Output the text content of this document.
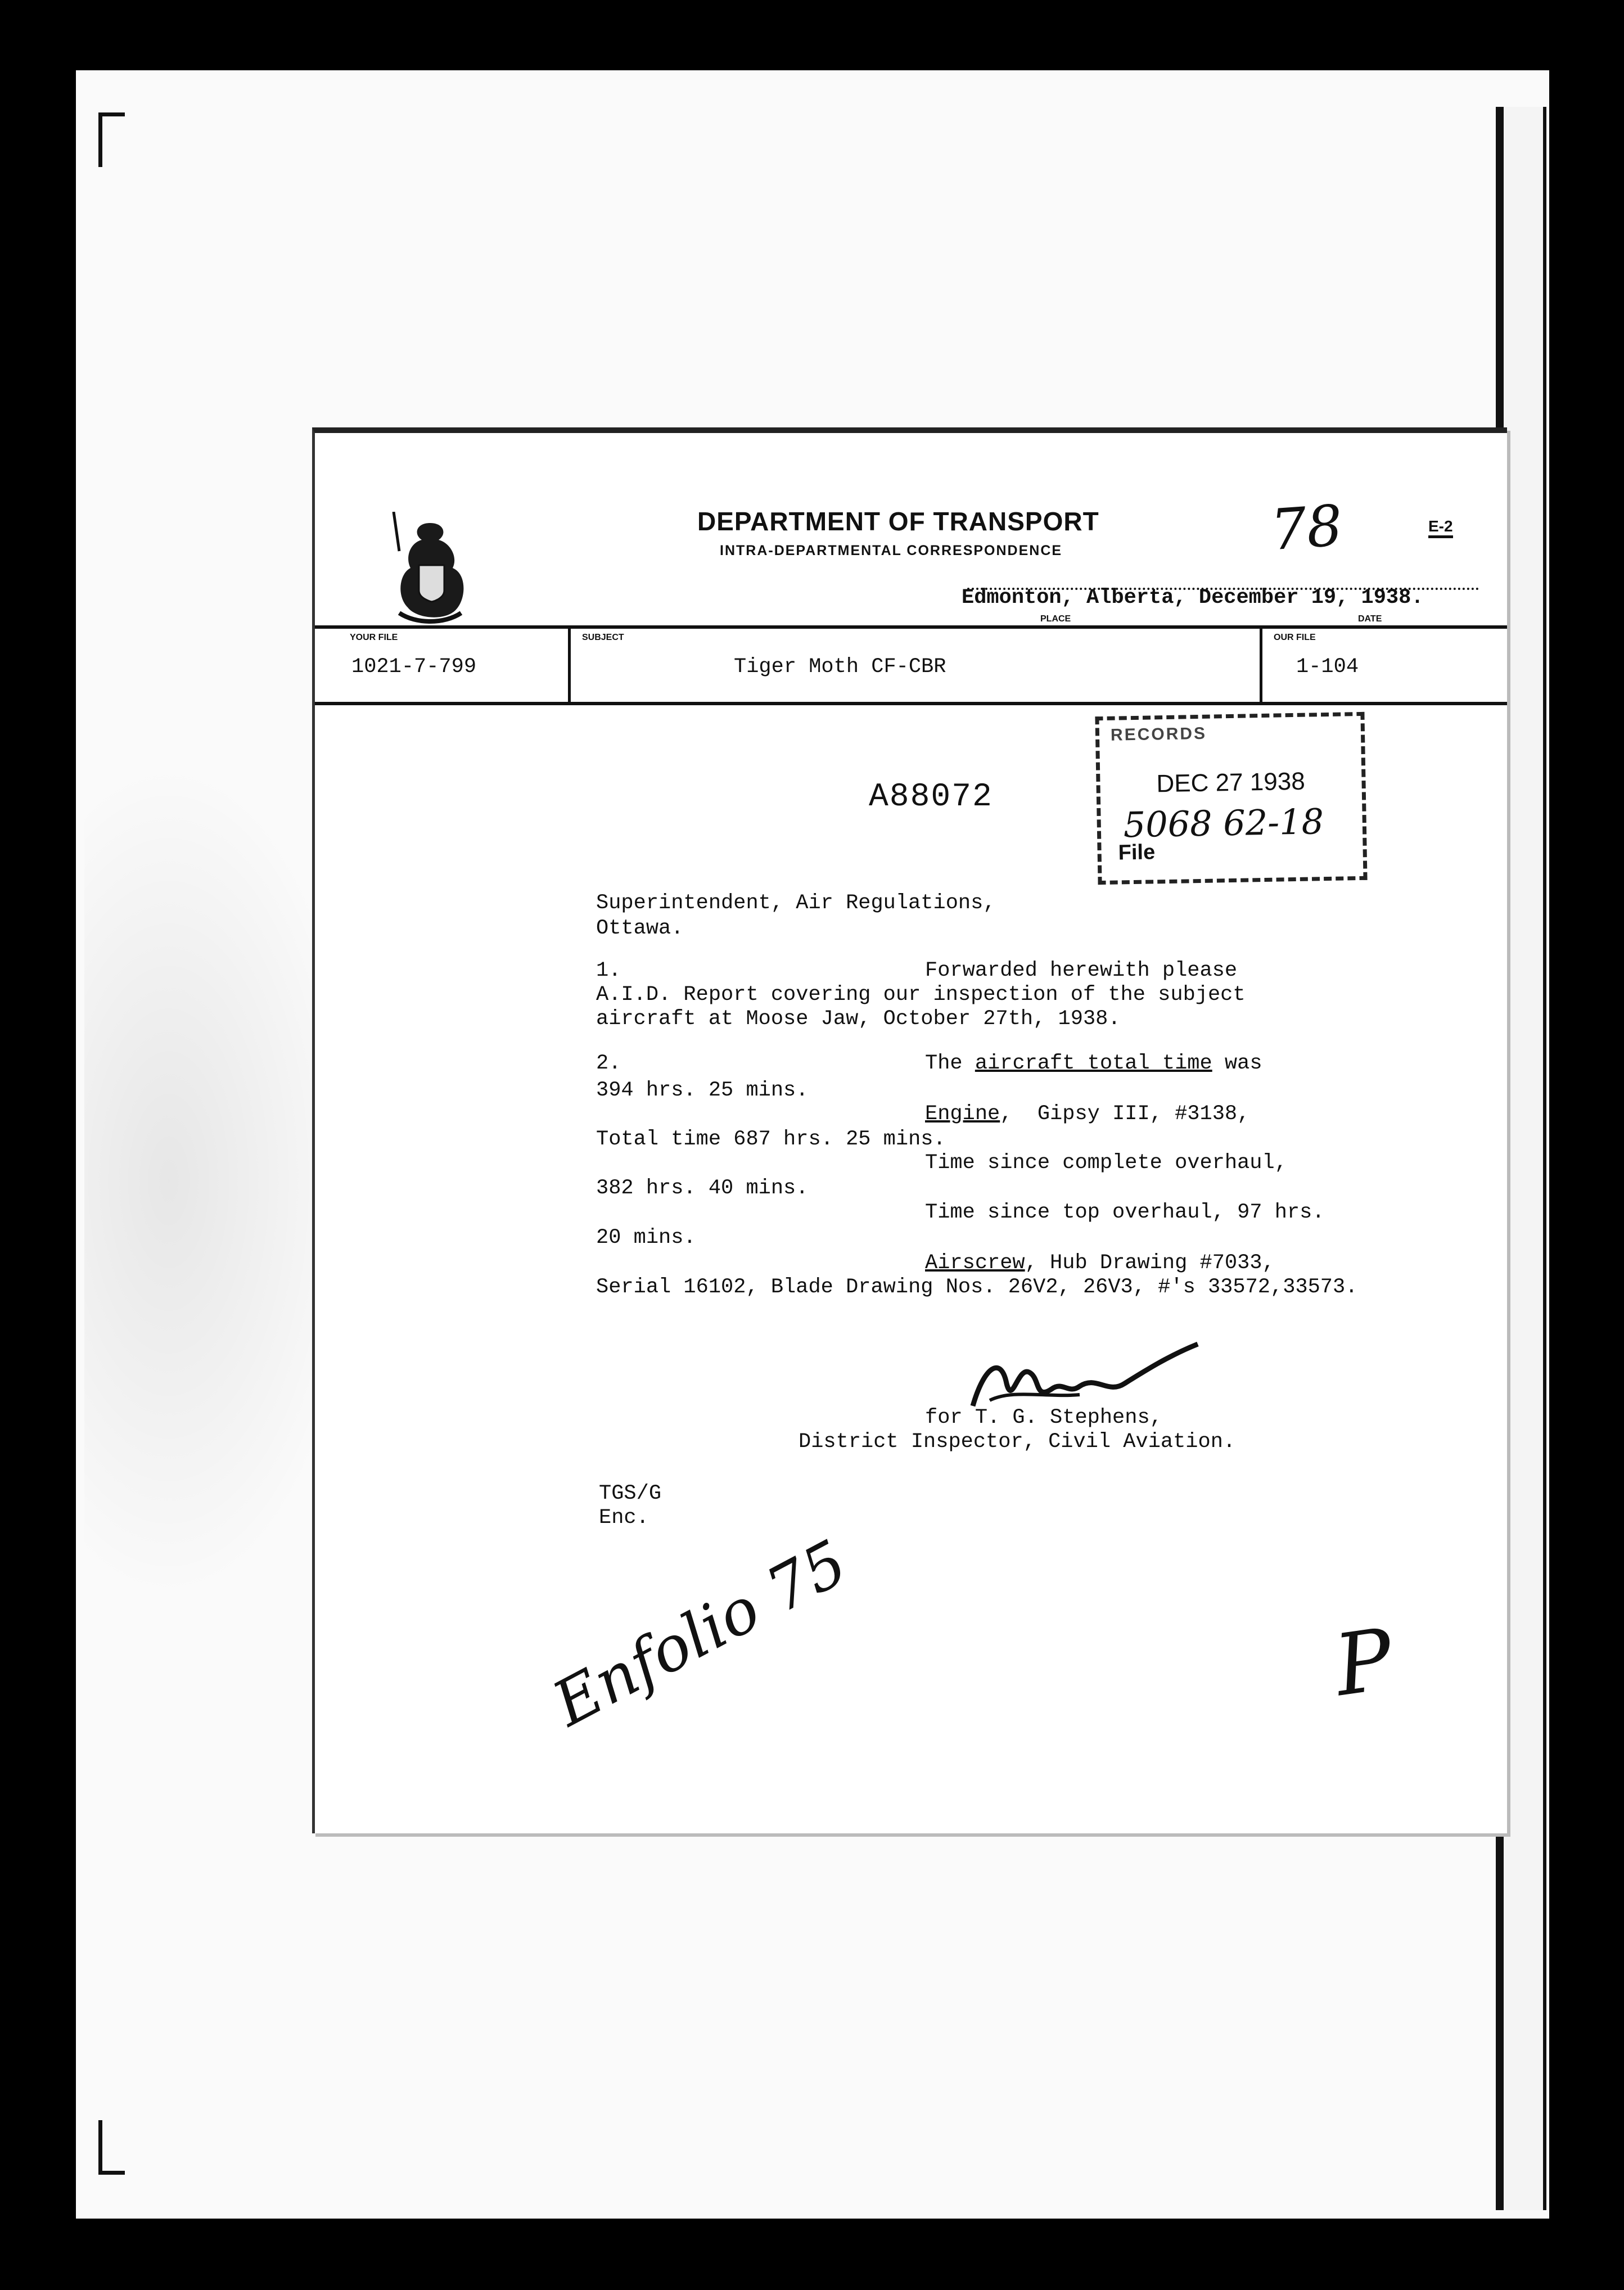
DEPARTMENT OF TRANSPORT
INTRA-DEPARTMENTAL CORRESPONDENCE	78	E-2
Edmonton, Alberta, December 19, 1938.
PLACE	DATE
YOUR FILE
1021-7-799
SUBJECT
Tiger Moth CF-CBR
OUR FILE
1-104
RECORDS
DEC 27 1938
5068 62-18
File
A88072
Superintendent, Air Regulations,
Ottawa.
1.	Forwarded herewith please
A.I.D. Report covering our inspection of the subject
aircraft at Moose Jaw, October 27th, 1938.
2.	The aircraft total time was
394 hrs. 25 mins.
Engine,  Gipsy III, #3138,
Total time 687 hrs. 25 mins.
Time since complete overhaul,
382 hrs. 40 mins.
Time since top overhaul, 97 hrs.
20 mins.
Airscrew, Hub Drawing #7033,
Serial 16102, Blade Drawing Nos. 26V2, 26V3, #'s 33572,33573.
for T. G. Stephens,
District Inspector, Civil Aviation.
TGS/G
Enc.
Enfolio 75	P
